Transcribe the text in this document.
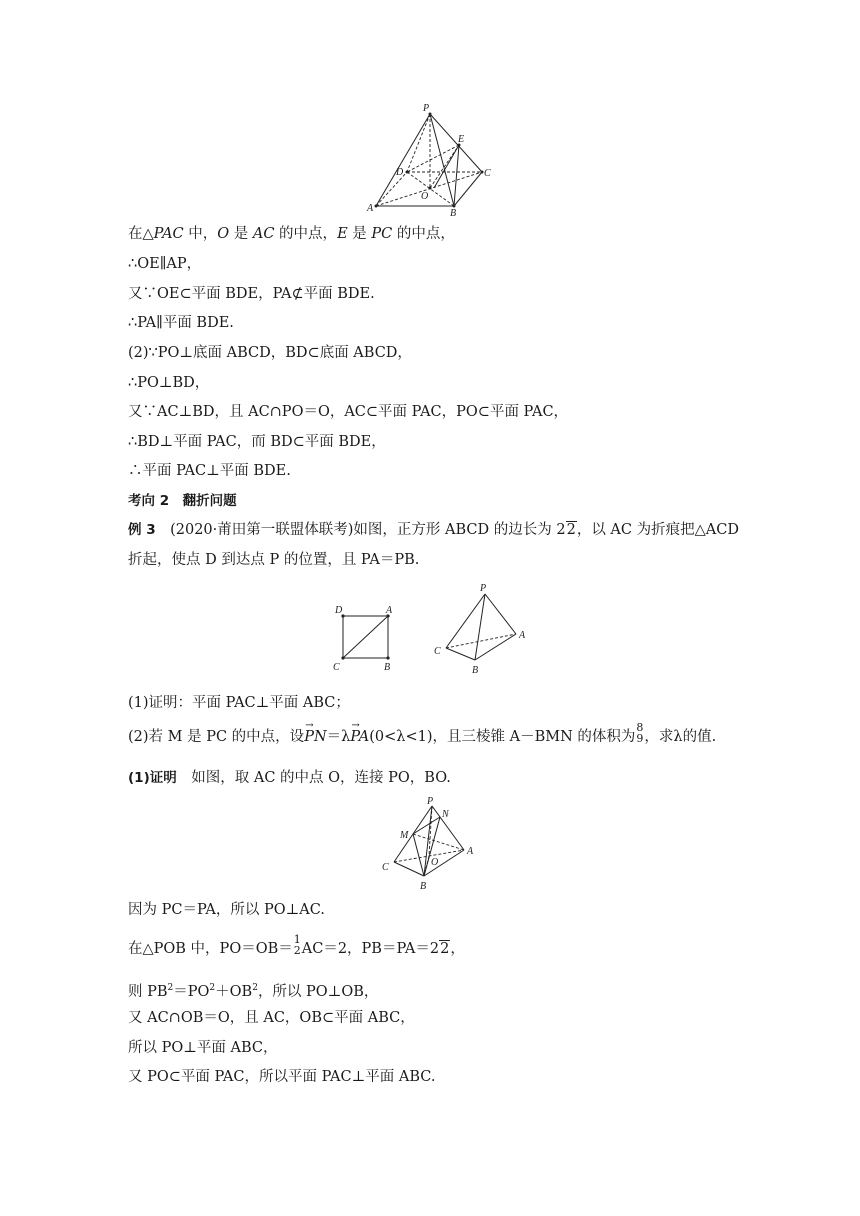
P
E
D	C
O
A	B
在△PAC 中，O 是 AC 的中点，E 是 PC 的中点，
∴OE∥AP，
又∵OE⊂平面 BDE，PA⊄平面 BDE.
∴PA∥平面 BDE.
(2)∵PO⊥底面 ABCD，BD⊂底面 ABCD，
∴PO⊥BD，
又∵AC⊥BD，且 AC∩PO＝O，AC⊂平面 PAC，PO⊂平面 PAC，
∴BD⊥平面 PAC，而 BD⊂平面 BDE，
∴平面 PAC⊥平面 BDE.
考向 2　翻折问题
例 3　(2020·莆田第一联盟体联考)如图，正方形 ABCD 的边长为 22，以 AC 为折痕把△ACD
折起，使点 D 到达点 P 的位置，且 PA＝PB.
D	A
C	B
P
A
C
B
(1)证明：平面 PAC⊥平面 ABC；
(2)若 M 是 PC 的中点，设→ PN＝λ→ PA(0<λ<1)，且三棱锥 A－BMN 的体积为
8
9 ，求λ的值.
(1)证明　如图，取 AC 的中点 O，连接 PO，BO.
P
N
M
O
A
C
B
因为 PC＝PA，所以 PO⊥AC.
在△POB 中，PO＝OB＝
1
2 AC＝2，PB＝PA＝22，
则 $PB^2=PO^2+OB^2$，所以 PO⊥OB，
又 AC∩OB＝O，且 AC，OB⊂平面 ABC，
所以 PO⊥平面 ABC，
又 PO⊂平面 PAC，所以平面 PAC⊥平面 ABC.
